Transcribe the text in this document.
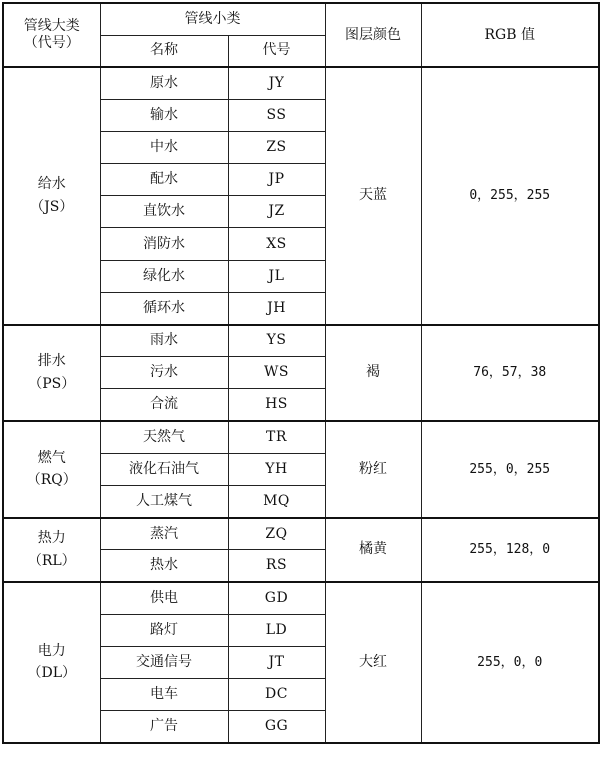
管线大类
（代号）	管线小类		图层颜色	RGB 值
	名称	代号		
给水
（JS）	原水	JY	天蓝	0，255，255
	输水	SS		
	中水	ZS		
	配水	JP		
	直饮水	JZ		
	消防水	XS		
	绿化水	JL		
	循环水	JH		
排水
（PS）	雨水	YS	褐	76，57，38
	污水	WS		
	合流	HS		
燃气
（RQ）	天然气	TR	粉红	255，0，255
	液化石油气	YH		
	人工煤气	MQ		
热力
（RL）	蒸汽	ZQ	橘黄	255，128，0
	热水	RS		
电力
（DL）	供电	GD	大红	255，0，0
	路灯	LD		
	交通信号	JT		
	电车	DC		
	广告	GG		
